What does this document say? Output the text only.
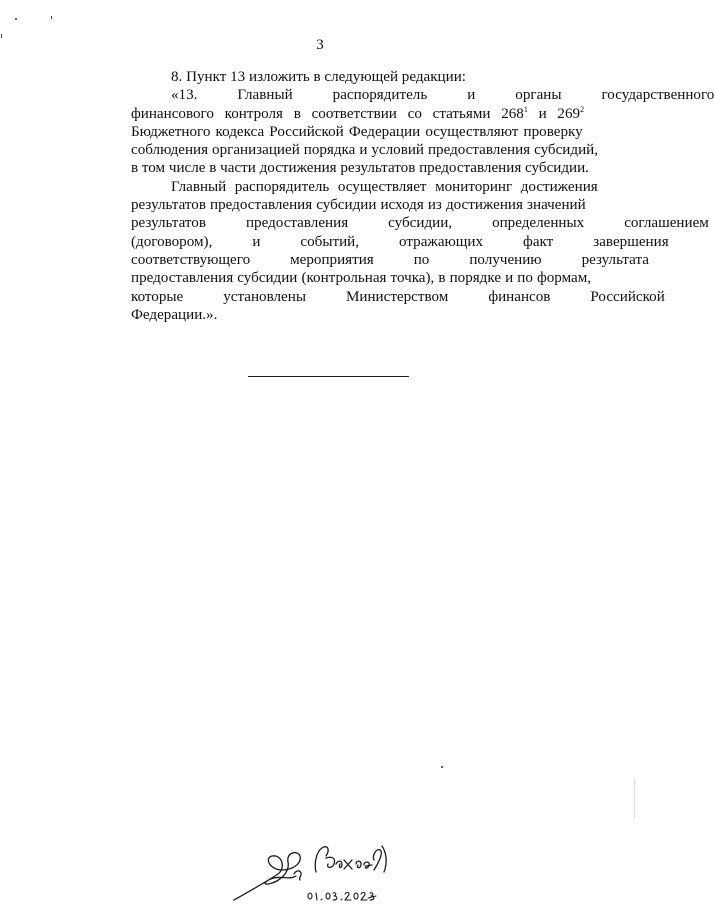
3
8. Пункт 13 изложить в следующей редакции:
«13.	Главный	распорядитель	и	органы	государственного
финансового  контроля  в  соответствии  со  статьями  $268^1$  и  $269^2$
Бюджетного кодекса Российской Федерации осуществляют проверку
соблюдения организацией порядка и условий предоставления субсидий,
в том числе в части достижения результатов предоставления субсидии.
Главный  распорядитель  осуществляет  мониторинг  достижения
результатов предоставления субсидии исходя из достижения значений
результатов	предоставления	субсидии,	определенных	соглашением
(договором),	и	событий,	отражающих	факт	завершения
соответствующего	мероприятия	по	получению	результата
предоставления субсидии (контрольная точка), в порядке и по формам,
которые	установлены	Министерством	финансов	Российской
Федерации.».
